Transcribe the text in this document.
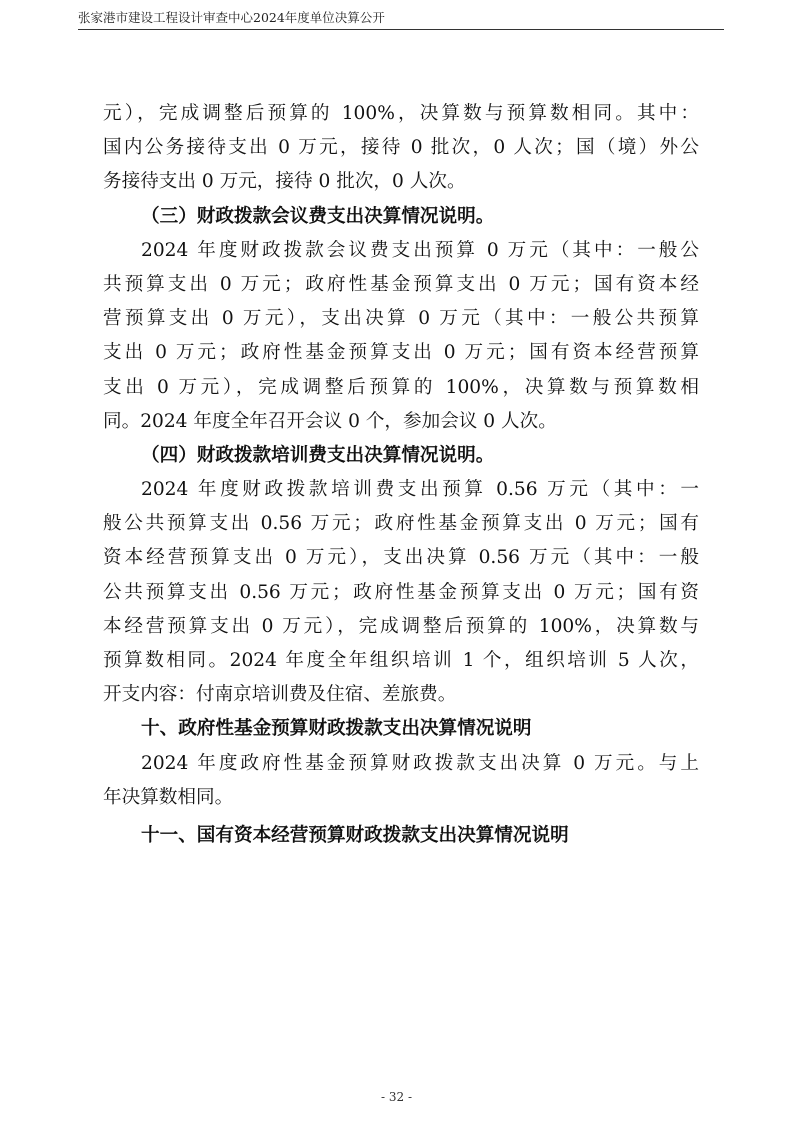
张家港市建设工程设计审查中心2024年度单位决算公开
元），完成调整后预算的 100%，决算数与预算数相同。其中：
国内公务接待支出 0 万元，接待 0 批次，0 人次；国（境）外公
务接待支出 0 万元，接待 0 批次，0 人次。
（三）财政拨款会议费支出决算情况说明。
2024 年度财政拨款会议费支出预算 0 万元（其中：一般公
共预算支出 0 万元；政府性基金预算支出 0 万元；国有资本经
营预算支出 0 万元），支出决算 0 万元（其中：一般公共预算
支出 0 万元；政府性基金预算支出 0 万元；国有资本经营预算
支出 0 万元），完成调整后预算的 100%，决算数与预算数相
同。2024 年度全年召开会议 0 个，参加会议 0 人次。
（四）财政拨款培训费支出决算情况说明。
2024 年度财政拨款培训费支出预算 0.56 万元（其中：一
般公共预算支出 0.56 万元；政府性基金预算支出 0 万元；国有
资本经营预算支出 0 万元），支出决算 0.56 万元（其中：一般
公共预算支出 0.56 万元；政府性基金预算支出 0 万元；国有资
本经营预算支出 0 万元），完成调整后预算的 100%，决算数与
预算数相同。2024 年度全年组织培训 1 个，组织培训 5 人次，
开支内容：付南京培训费及住宿、差旅费。
十、政府性基金预算财政拨款支出决算情况说明
2024 年度政府性基金预算财政拨款支出决算 0 万元。与上
年决算数相同。
十一、国有资本经营预算财政拨款支出决算情况说明
- 32 -
